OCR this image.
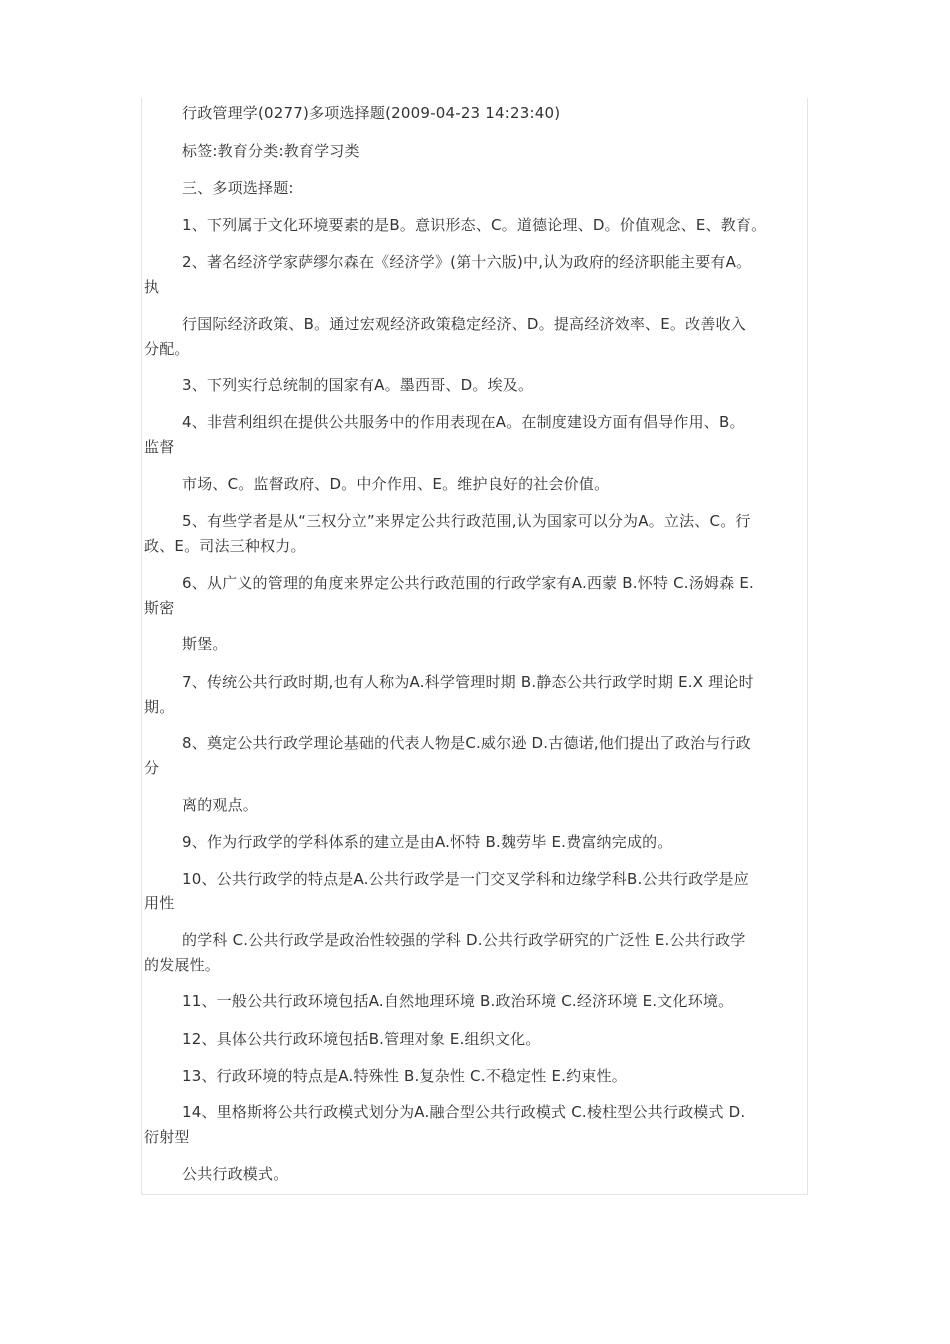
行政管理学(0277)多项选择题(2009-04-23 14:23:40)
标签:教育分类:教育学习类
三、多项选择题:
1、下列属于文化环境要素的是B。意识形态、C。道德论理、D。价值观念、E、教育。
2、著名经济学家萨缪尔森在《经济学》(第十六版)中,认为政府的经济职能主要有A。
执
行国际经济政策、B。通过宏观经济政策稳定经济、D。提高经济效率、E。改善收入
分配。
3、下列实行总统制的国家有A。墨西哥、D。埃及。
4、非营利组织在提供公共服务中的作用表现在A。在制度建设方面有倡导作用、B。
监督
市场、C。监督政府、D。中介作用、E。维护良好的社会价值。
5、有些学者是从“三权分立”来界定公共行政范围,认为国家可以分为A。立法、C。行
政、E。司法三种权力。
6、从广义的管理的角度来界定公共行政范围的行政学家有A.西蒙 B.怀特 C.汤姆森 E.
斯密
斯堡。
7、传统公共行政时期,也有人称为A.科学管理时期 B.静态公共行政学时期 E.X 理论时
期。
8、奠定公共行政学理论基础的代表人物是C.威尔逊 D.古德诺,他们提出了政治与行政
分
离的观点。
9、作为行政学的学科体系的建立是由A.怀特 B.魏劳毕 E.费富纳完成的。
10、公共行政学的特点是A.公共行政学是一门交叉学科和边缘学科B.公共行政学是应
用性
的学科 C.公共行政学是政治性较强的学科 D.公共行政学研究的广泛性 E.公共行政学
的发展性。
11、一般公共行政环境包括A.自然地理环境 B.政治环境 C.经济环境 E.文化环境。
12、具体公共行政环境包括B.管理对象 E.组织文化。
13、行政环境的特点是A.特殊性 B.复杂性 C.不稳定性 E.约束性。
14、里格斯将公共行政模式划分为A.融合型公共行政模式 C.棱柱型公共行政模式 D.
衍射型
公共行政模式。
